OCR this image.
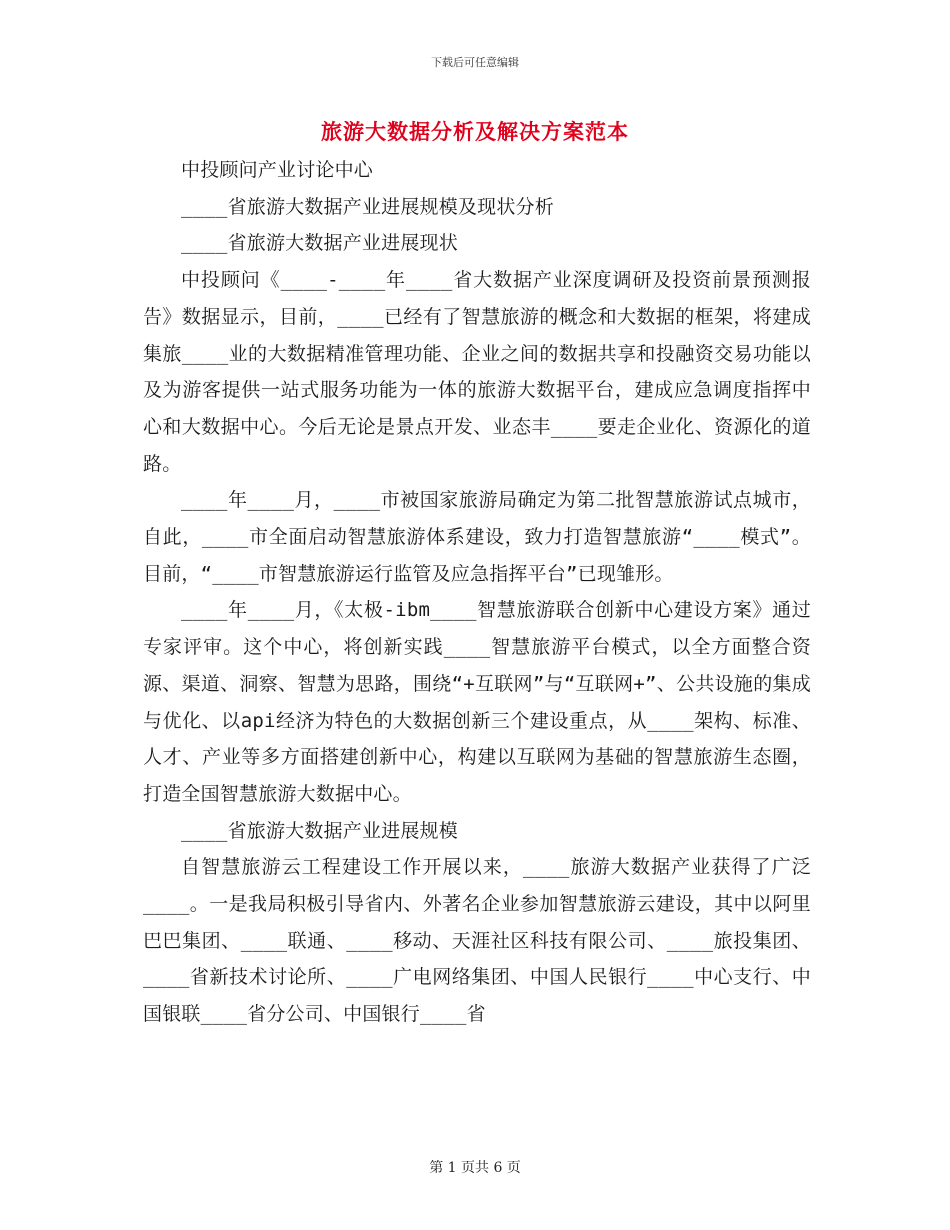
下载后可任意编辑
旅游大数据分析及解决方案范本

中投顾问产业讨论中心

____省旅游大数据产业进展规模及现状分析

____省旅游大数据产业进展现状

中投顾问《____-____年____省大数据产业深度调研及投资前景预测报告》数据显示，目前，____已经有了智慧旅游的概念和大数据的框架，将建成集旅____业的大数据精准管理功能、企业之间的数据共享和投融资交易功能以及为游客提供一站式服务功能为一体的旅游大数据平台，建成应急调度指挥中心和大数据中心。今后无论是景点开发、业态丰____要走企业化、资源化的道路。

____年____月，____市被国家旅游局确定为第二批智慧旅游试点城市，自此，____市全面启动智慧旅游体系建设，致力打造智慧旅游“____模式”。目前，“____市智慧旅游运行监管及应急指挥平台”已现雏形。

____年____月，《太极-ibm____智慧旅游联合创新中心建设方案》通过专家评审。这个中心，将创新实践____智慧旅游平台模式，以全方面整合资源、渠道、洞察、智慧为思路，围绕“+互联网”与“互联网+”、公共设施的集成与优化、以api经济为特色的大数据创新三个建设重点，从____架构、标准、人才、产业等多方面搭建创新中心，构建以互联网为基础的智慧旅游生态圈，打造全国智慧旅游大数据中心。

____省旅游大数据产业进展规模

自智慧旅游云工程建设工作开展以来，____旅游大数据产业获得了广泛____。一是我局积极引导省内、外著名企业参加智慧旅游云建设，其中以阿里巴巴集团、____联通、____移动、天涯社区科技有限公司、____旅投集团、____省新技术讨论所、____广电网络集团、中国人民银行____中心支行、中国银联____省分公司、中国银行____省

第 1 页共 6 页
